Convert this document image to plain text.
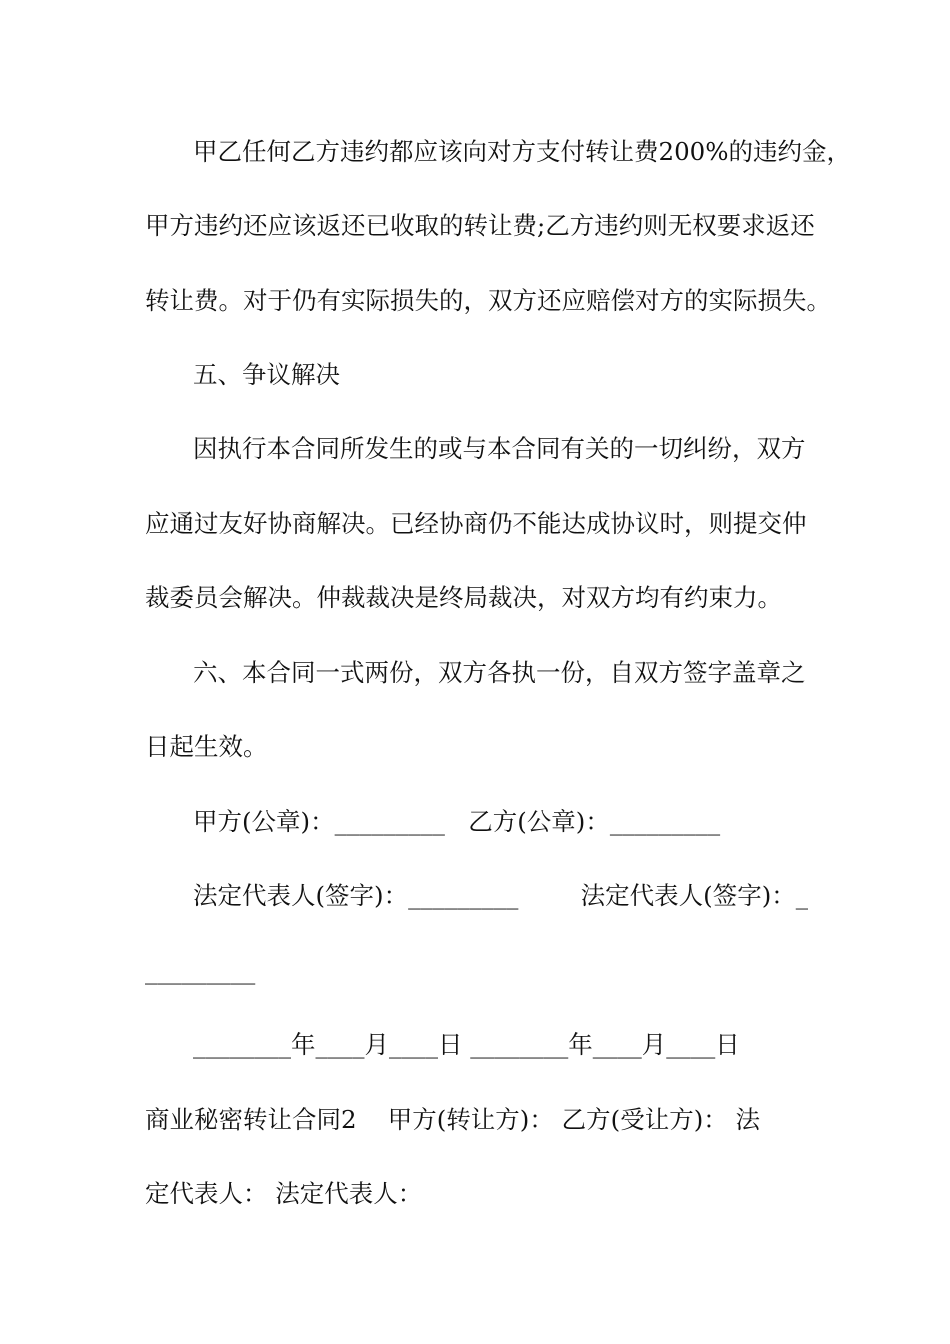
甲乙任何乙方违约都应该向对方支付转让费200%的违约金，
甲方违约还应该返还已收取的转让费;乙方违约则无权要求返还
转让费。对于仍有实际损失的，双方还应赔偿对方的实际损失。
五、争议解决
因执行本合同所发生的或与本合同有关的一切纠纷，双方
应通过友好协商解决。已经协商仍不能达成协议时，则提交仲
裁委员会解决。仲裁裁决是终局裁决，对双方均有约束力。
六、本合同一式两份，双方各执一份，自双方签字盖章之
日起生效。
甲方(公章)：_________   乙方(公章)：_________
法定代表人(签字)：_________        法定代表人(签字)：_
_________
________年____月____日 ________年____月____日
商业秘密转让合同2    甲方(转让方)： 乙方(受让方)： 法
定代表人： 法定代表人：
